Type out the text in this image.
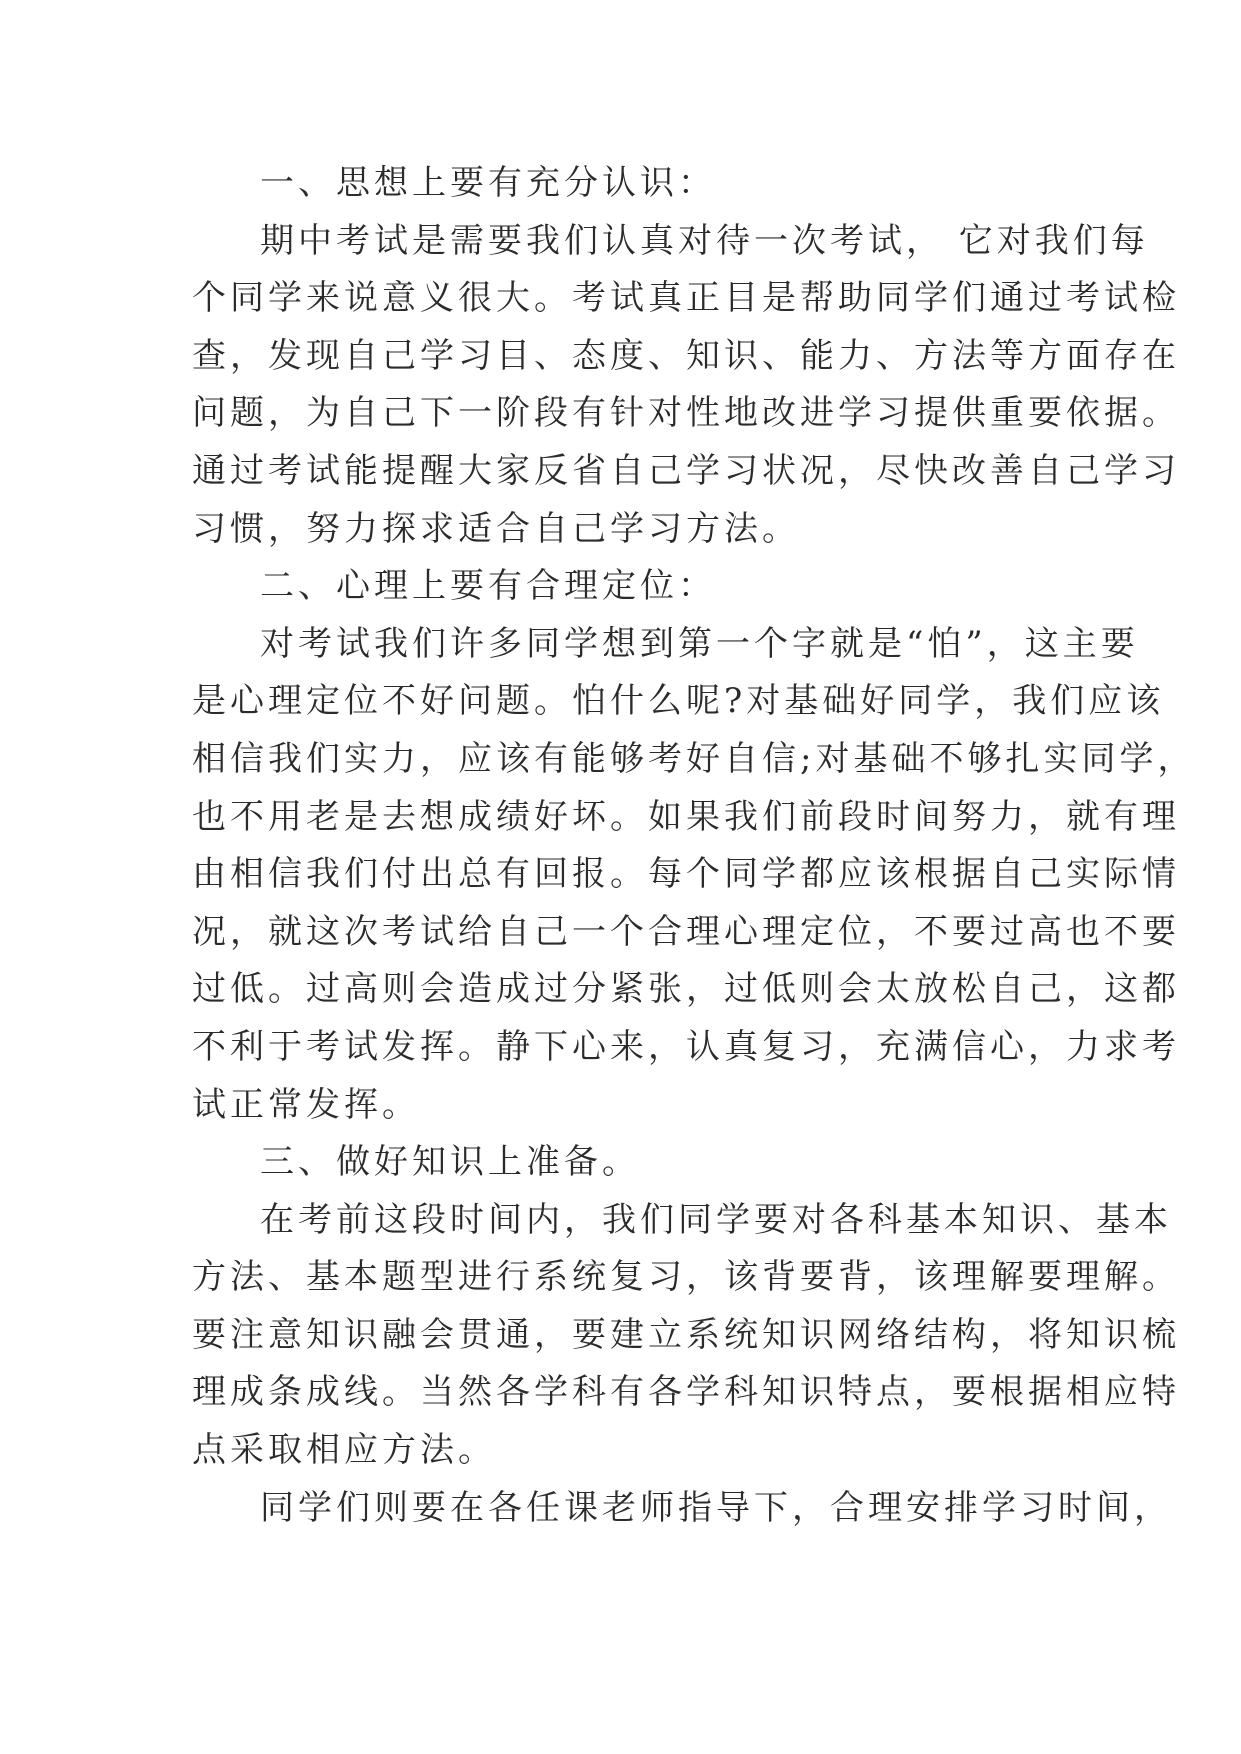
一、思想上要有充分认识：

期中考试是需要我们认真对待一次考试， 它对我们每
个同学来说意义很大。考试真正目是帮助同学们通过考试检
查，发现自己学习目、态度、知识、能力、方法等方面存在
问题，为自己下一阶段有针对性地改进学习提供重要依据。
通过考试能提醒大家反省自己学习状况，尽快改善自己学习
习惯，努力探求适合自己学习方法。

二、心理上要有合理定位：

对考试我们许多同学想到第一个字就是“怕”，这主要
是心理定位不好问题。怕什么呢?对基础好同学，我们应该
相信我们实力，应该有能够考好自信;对基础不够扎实同学，
也不用老是去想成绩好坏。如果我们前段时间努力，就有理
由相信我们付出总有回报。每个同学都应该根据自己实际情
况，就这次考试给自己一个合理心理定位，不要过高也不要
过低。过高则会造成过分紧张，过低则会太放松自己，这都
不利于考试发挥。静下心来，认真复习，充满信心，力求考
试正常发挥。

三、做好知识上准备。

在考前这段时间内，我们同学要对各科基本知识、基本
方法、基本题型进行系统复习，该背要背，该理解要理解。
要注意知识融会贯通，要建立系统知识网络结构，将知识梳
理成条成线。当然各学科有各学科知识特点，要根据相应特
点采取相应方法。

同学们则要在各任课老师指导下，合理安排学习时间，
